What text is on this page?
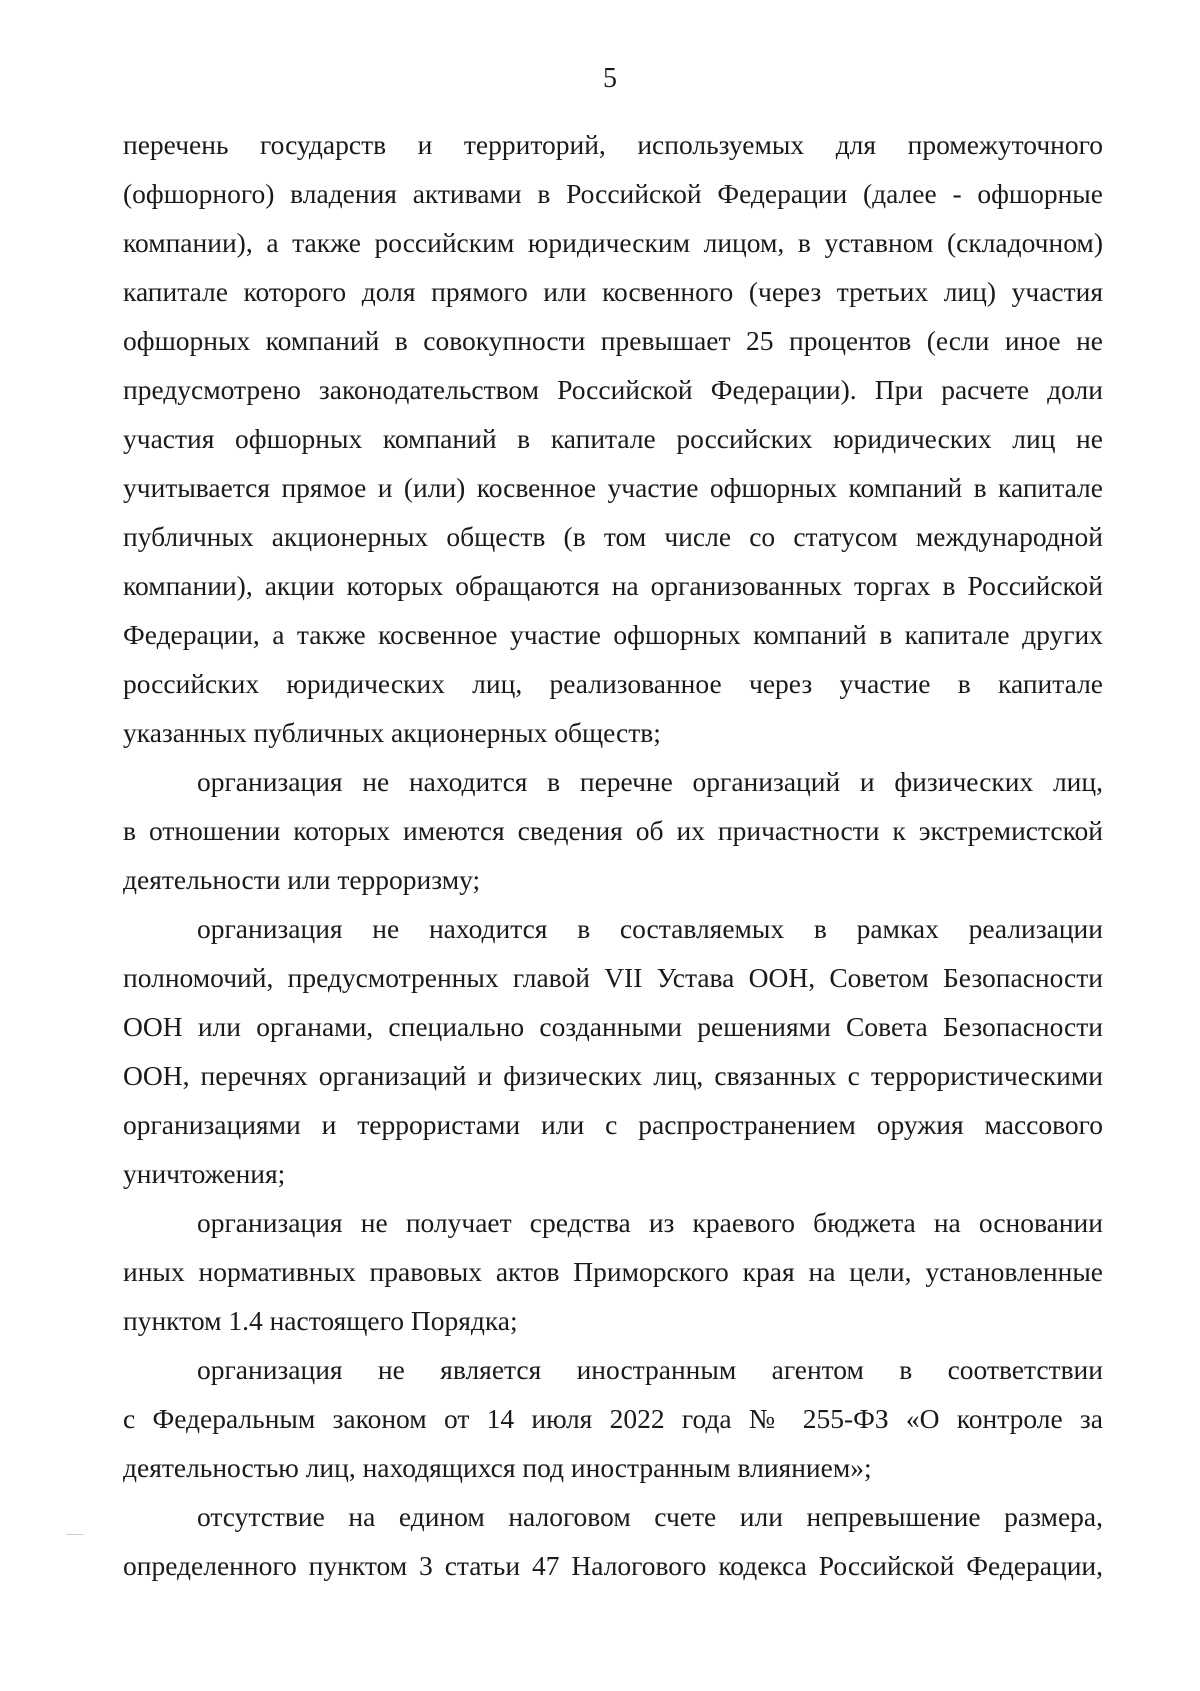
5
перечень государств и территорий, используемых для промежуточного
(офшорного) владения активами в Российской Федерации (далее - офшорные
компании), а также российским юридическим лицом, в уставном (складочном)
капитале которого доля прямого или косвенного (через третьих лиц) участия
офшорных компаний в совокупности превышает 25 процентов (если иное не
предусмотрено законодательством Российской Федерации). При расчете доли
участия офшорных компаний в капитале российских юридических лиц не
учитывается прямое и (или) косвенное участие офшорных компаний в капитале
публичных акционерных обществ (в том числе со статусом международной
компании), акции которых обращаются на организованных торгах в Российской
Федерации, а также косвенное участие офшорных компаний в капитале других
российских юридических лиц, реализованное через участие в капитале
указанных публичных акционерных обществ;
организация не находится в перечне организаций и физических лиц,
в отношении которых имеются сведения об их причастности к экстремистской
деятельности или терроризму;
организация не находится в составляемых в рамках реализации
полномочий, предусмотренных главой VII Устава ООН, Советом Безопасности
ООН или органами, специально созданными решениями Совета Безопасности
ООН, перечнях организаций и физических лиц, связанных с террористическими
организациями и террористами или с распространением оружия массового
уничтожения;
организация не получает средства из краевого бюджета на основании
иных нормативных правовых актов Приморского края на цели, установленные
пунктом 1.4 настоящего Порядка;
организация не является иностранным агентом в соответствии
с Федеральным законом от 14 июля 2022 года № 255-ФЗ «О контроле за
деятельностью лиц, находящихся под иностранным влиянием»;
отсутствие на едином налоговом счете или непревышение размера,
определенного пунктом 3 статьи 47 Налогового кодекса Российской Федерации,
